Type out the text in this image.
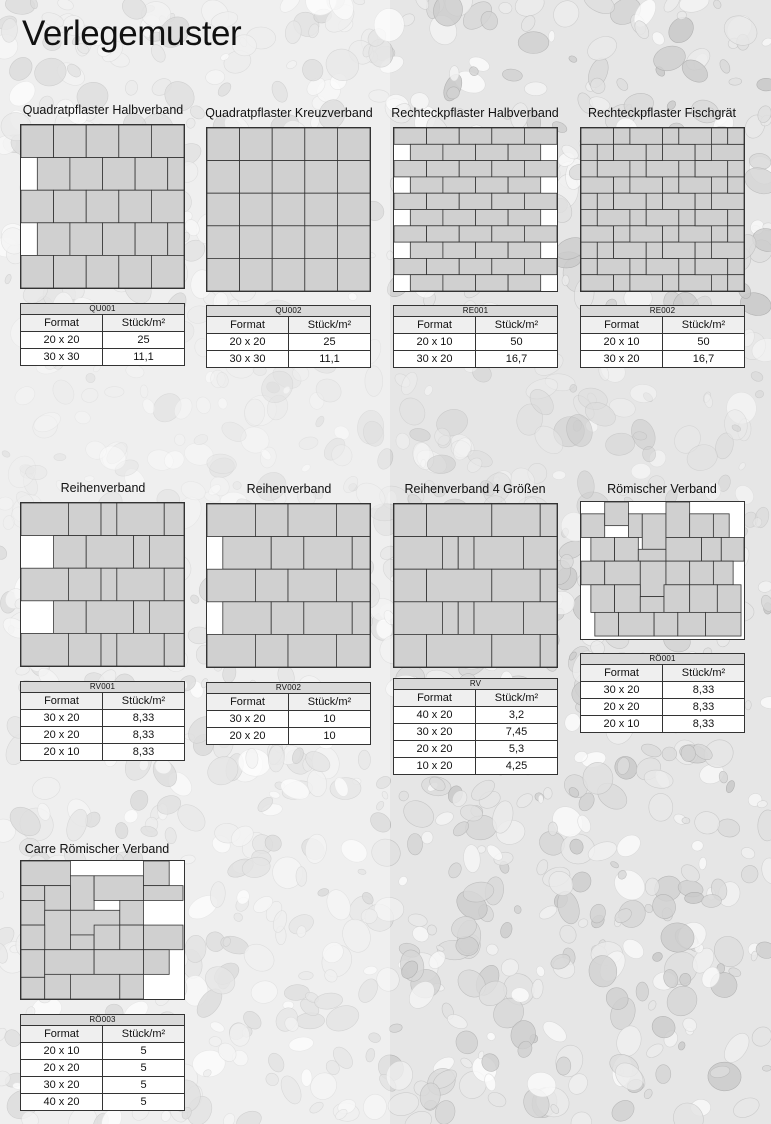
Verlegemuster
Quadratpflaster Halbverband
QU001
Format	Stück/m²
20 x 20	25
30 x 30	11,1
Quadratpflaster Kreuzverband
QU002
Format	Stück/m²
20 x 20	25
30 x 30	11,1
Rechteckpflaster Halbverband
RE001
Format	Stück/m²
20 x 10	50
30 x 20	16,7
Rechteckpflaster Fischgrät
RE002
Format	Stück/m²
20 x 10	50
30 x 20	16,7
Reihenverband
RV001
Format	Stück/m²
30 x 20	8,33
20 x 20	8,33
20 x 10	8,33
Reihenverband
RV002
Format	Stück/m²
30 x 20	10
20 x 20	10
Reihenverband 4 Größen
RV
Format	Stück/m²
40 x 20	3,2
30 x 20	7,45
20 x 20	5,3
10 x 20	4,25
Römischer Verband
RÖ001
Format	Stück/m²
30 x 20	8,33
20 x 20	8,33
20 x 10	8,33
Carre Römischer Verband
RÖ003
Format	Stück/m²
20 x 10	5
20 x 20	5
30 x 20	5
40 x 20	5
